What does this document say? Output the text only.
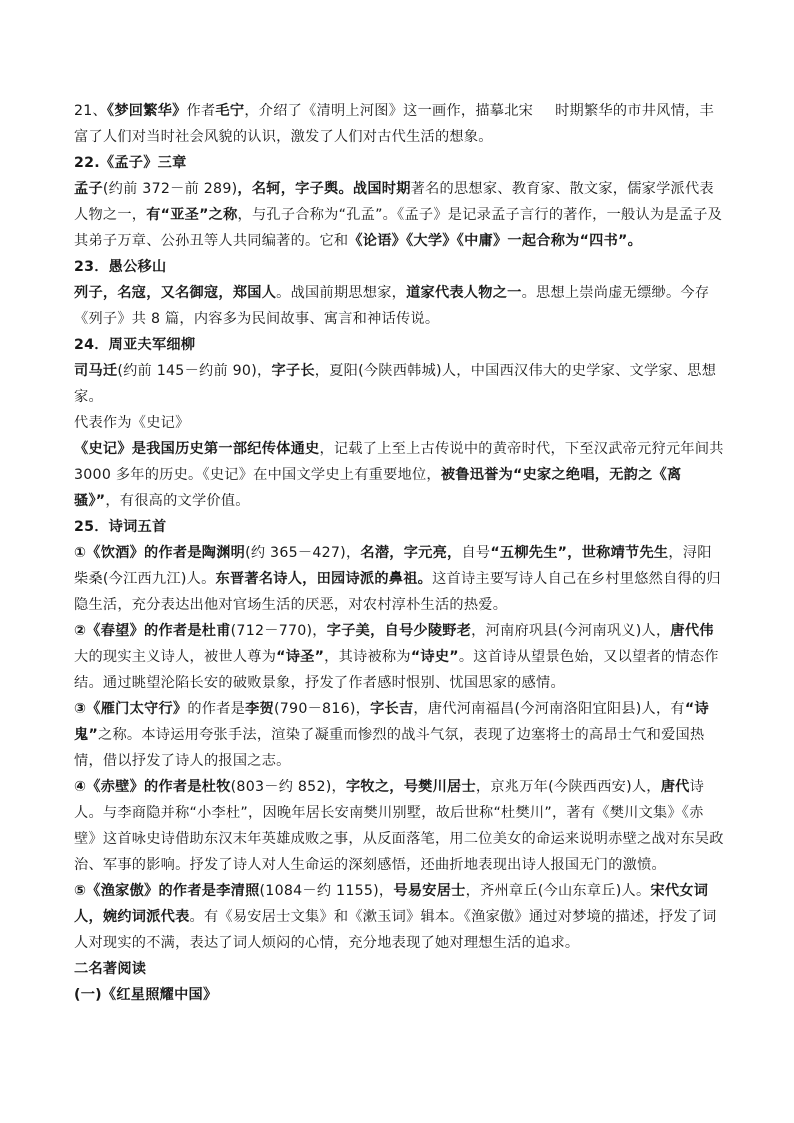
21、《梦回繁华》作者毛宁，介绍了《清明上河图》这一画作，描摹北宋 时期繁华的市井风情，丰富了人们对当时社会风貌的认识，激发了人们对古代生活的想象。

22.《孟子》三章

孟子(约前 372－前 289)，名轲，字子舆。战国时期著名的思想家、教育家、散文家，儒家学派代表人物之一，有“亚圣”之称，与孔子合称为“孔孟”。《孟子》是记录孟子言行的著作，一般认为是孟子及其弟子万章、公孙丑等人共同编著的。它和《论语》《大学》《中庸》一起合称为“四书”。

23．愚公移山

列子，名寇，又名御寇，郑国人。战国前期思想家，道家代表人物之一。思想上崇尚虚无缥缈。今存《列子》共 8 篇，内容多为民间故事、寓言和神话传说。

24．周亚夫军细柳

司马迁(约前 145－约前 90)，字子长，夏阳(今陕西韩城)人，中国西汉伟大的史学家、文学家、思想家。

代表作为《史记》

《史记》是我国历史第一部纪传体通史，记载了上至上古传说中的黄帝时代，下至汉武帝元狩元年间共 3000 多年的历史。《史记》在中国文学史上有重要地位，被鲁迅誉为“史家之绝唱，无韵之《离骚》”，有很高的文学价值。

25．诗词五首

①《饮酒》的作者是陶渊明(约 365－427)，名潜，字元亮，自号“五柳先生”，世称靖节先生，浔阳柴桑(今江西九江)人。东晋著名诗人，田园诗派的鼻祖。这首诗主要写诗人自己在乡村里悠然自得的归隐生活，充分表达出他对官场生活的厌恶，对农村淳朴生活的热爱。

②《春望》的作者是杜甫(712－770)，字子美，自号少陵野老，河南府巩县(今河南巩义)人，唐代伟大的现实主义诗人，被世人尊为“诗圣”，其诗被称为“诗史”。这首诗从望景色始，又以望者的情态作结。通过眺望沦陷长安的破败景象，抒发了作者感时恨别、忧国思家的感情。

③《雁门太守行》的作者是李贺(790－816)，字长吉，唐代河南福昌(今河南洛阳宜阳县)人，有“诗鬼”之称。本诗运用夸张手法，渲染了凝重而惨烈的战斗气氛，表现了边塞将士的高昂士气和爱国热情，借以抒发了诗人的报国之志。

④《赤壁》的作者是杜牧(803－约 852)，字牧之，号樊川居士，京兆万年(今陕西西安)人，唐代诗人。与李商隐并称“小李杜”，因晚年居长安南樊川别墅，故后世称“杜樊川”，著有《樊川文集》《赤壁》这首咏史诗借助东汉末年英雄成败之事，从反面落笔，用二位美女的命运来说明赤壁之战对东吴政治、军事的影响。抒发了诗人对人生命运的深刻感悟，还曲折地表现出诗人报国无门的激愤。

⑤《渔家傲》的作者是李清照(1084－约 1155)，号易安居士，齐州章丘(今山东章丘)人。宋代女词人，婉约词派代表。有《易安居士文集》和《漱玉词》辑本。《渔家傲》通过对梦境的描述，抒发了词人对现实的不满，表达了词人烦闷的心情，充分地表现了她对理想生活的追求。

二名著阅读

(一)《红星照耀中国》
